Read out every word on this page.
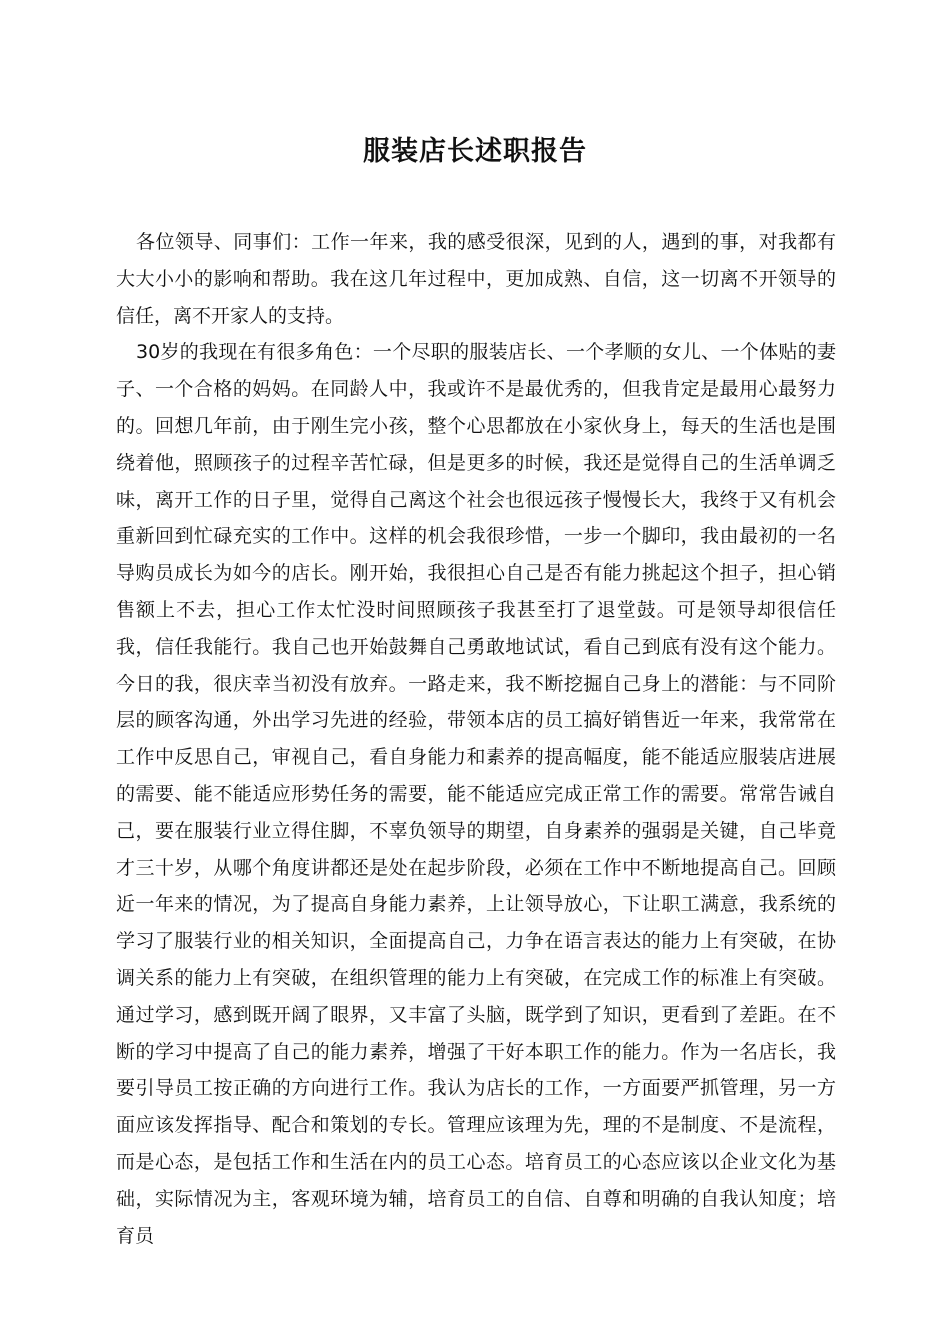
服装店长述职报告

各位领导、同事们：工作一年来，我的感受很深，见到的人，遇到的事，对我都有大大小小的影响和帮助。我在这几年过程中，更加成熟、自信，这一切离不开领导的信任，离不开家人的支持。

30岁的我现在有很多角色：一个尽职的服装店长、一个孝顺的女儿、一个体贴的妻子、一个合格的妈妈。在同龄人中，我或许不是最优秀的，但我肯定是最用心最努力的。回想几年前，由于刚生完小孩，整个心思都放在小家伙身上，每天的生活也是围绕着他，照顾孩子的过程辛苦忙碌，但是更多的时候，我还是觉得自己的生活单调乏味，离开工作的日子里，觉得自己离这个社会也很远孩子慢慢长大，我终于又有机会重新回到忙碌充实的工作中。这样的机会我很珍惜，一步一个脚印，我由最初的一名导购员成长为如今的店长。刚开始，我很担心自己是否有能力挑起这个担子，担心销售额上不去，担心工作太忙没时间照顾孩子我甚至打了退堂鼓。可是领导却很信任我，信任我能行。我自己也开始鼓舞自己勇敢地试试，看自己到底有没有这个能力。今日的我，很庆幸当初没有放弃。一路走来，我不断挖掘自己身上的潜能：与不同阶层的顾客沟通，外出学习先进的经验，带领本店的员工搞好销售近一年来，我常常在工作中反思自己，审视自己，看自身能力和素养的提高幅度，能不能适应服装店进展的需要、能不能适应形势任务的需要，能不能适应完成正常工作的需要。常常告诫自己，要在服装行业立得住脚，不辜负领导的期望，自身素养的强弱是关键，自己毕竟才三十岁，从哪个角度讲都还是处在起步阶段，必须在工作中不断地提高自己。回顾近一年来的情况，为了提高自身能力素养，上让领导放心，下让职工满意，我系统的学习了服装行业的相关知识，全面提高自己，力争在语言表达的能力上有突破，在协调关系的能力上有突破，在组织管理的能力上有突破，在完成工作的标准上有突破。通过学习，感到既开阔了眼界，又丰富了头脑，既学到了知识，更看到了差距。在不断的学习中提高了自己的能力素养，增强了干好本职工作的能力。作为一名店长，我要引导员工按正确的方向进行工作。我认为店长的工作，一方面要严抓管理，另一方面应该发挥指导、配合和策划的专长。管理应该理为先，理的不是制度、不是流程，而是心态，是包括工作和生活在内的员工心态。培育员工的心态应该以企业文化为基础，实际情况为主，客观环境为辅，培育员工的自信、自尊和明确的自我认知度；培育员
